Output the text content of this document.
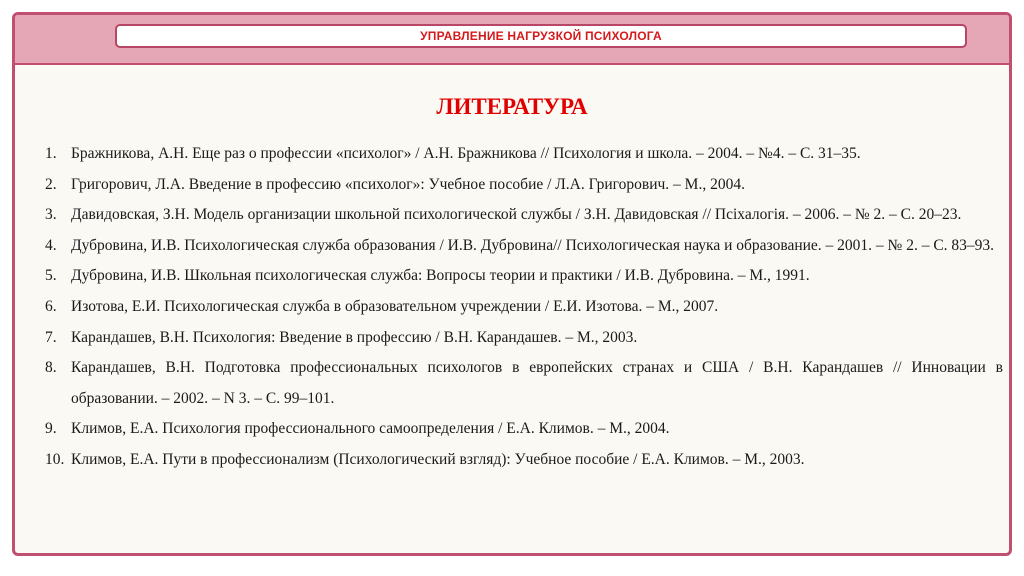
УПРАВЛЕНИЕ НАГРУЗКОЙ ПСИХОЛОГА
ЛИТЕРАТУРА
1. Бражникова, А.Н. Еще раз о профессии «психолог» / А.Н. Бражникова // Психология и школа. – 2004. – №4. – С. 31–35.
2. Григорович, Л.А. Введение в профессию «психолог»: Учебное пособие / Л.А. Григорович. – М., 2004.
3. Давидовская, З.Н. Модель организации школьной психологической службы / З.Н. Давидовская // Псiхалогiя. – 2006. – № 2. – С. 20–23.
4. Дубровина, И.В. Психологическая служба образования / И.В. Дубровина// Психологическая наука и образование. – 2001. – № 2. – С. 83–93.
5. Дубровина, И.В. Школьная психологическая служба: Вопросы теории и практики / И.В. Дубровина. – М., 1991.
6. Изотова, Е.И. Психологическая служба в образовательном учреждении / Е.И. Изотова. – М., 2007.
7. Карандашев, В.Н. Психология: Введение в профессию / В.Н. Карандашев. – М., 2003.
8. Карандашев, В.Н. Подготовка профессиональных психологов в европейских странах и США / В.Н. Карандашев // Инновации в образовании. – 2002. – N 3. – С. 99–101.
9. Климов, Е.А. Психология профессионального самоопределения / Е.А. Климов. – М., 2004.
10. Климов, Е.А. Пути в профессионализм (Психологический взгляд): Учебное пособие / Е.А. Климов. – М., 2003.
